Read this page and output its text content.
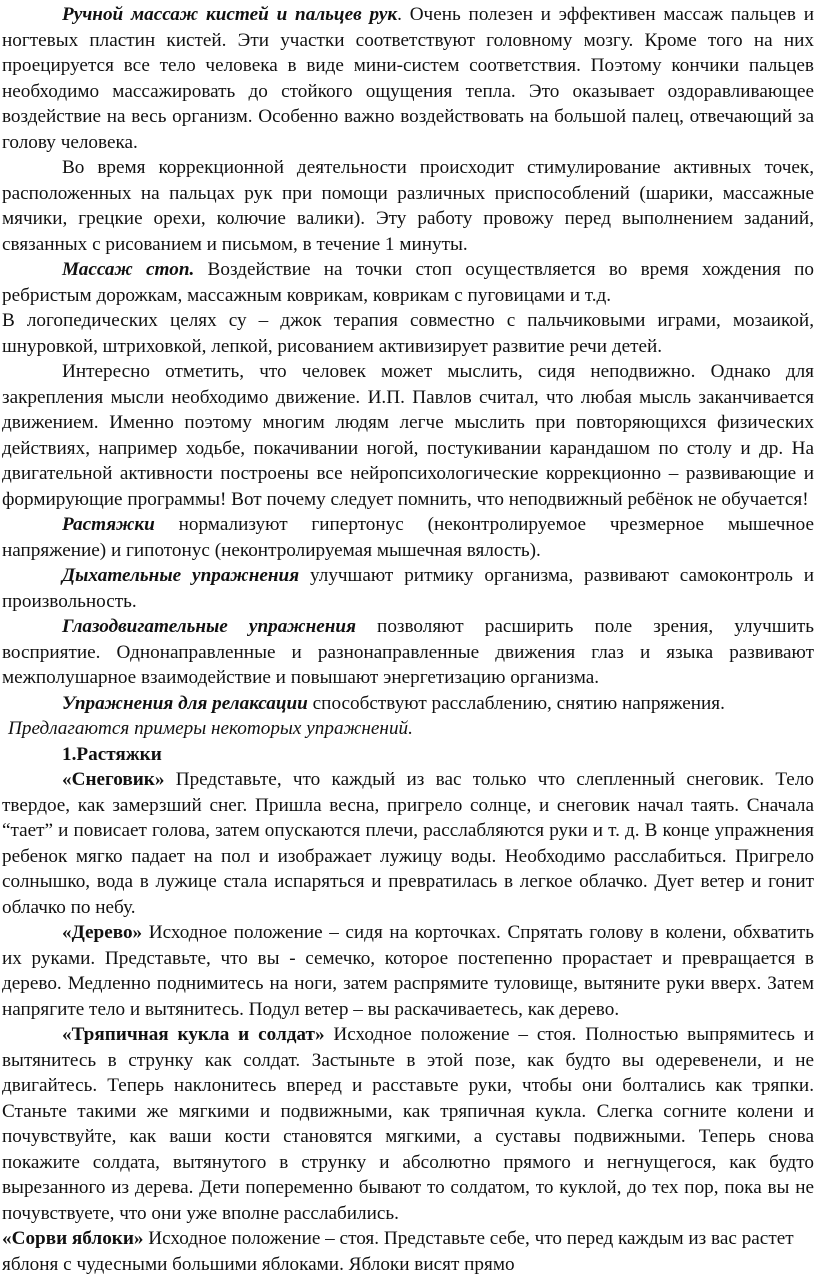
Ручной массаж кистей и пальцев рук. Очень полезен и эффективен массаж пальцев и ногтевых пластин кистей. Эти участки соответствуют головному мозгу. Кроме того на них проецируется все тело человека в виде мини-систем соответствия. Поэтому кончики пальцев необходимо массажировать до стойкого ощущения тепла. Это оказывает оздоравливающее воздействие на весь организм. Особенно важно воздействовать на большой палец, отвечающий за голову человека.

Во время коррекционной деятельности происходит стимулирование активных точек, расположенных на пальцах рук при помощи различных приспособлений (шарики, массажные мячики, грецкие орехи, колючие валики). Эту работу провожу перед выполнением заданий, связанных с рисованием и письмом, в течение 1 минуты.

Массаж стоп. Воздействие на точки стоп осуществляется во время хождения по ребристым дорожкам, массажным коврикам, коврикам с пуговицами и т.д.

В логопедических целях су – джок терапия совместно с пальчиковыми играми, мозаикой, шнуровкой, штриховкой, лепкой, рисованием активизирует развитие речи детей.

Интересно отметить, что человек может мыслить, сидя неподвижно. Однако для закрепления мысли необходимо движение. И.П. Павлов считал, что любая мысль заканчивается движением. Именно поэтому многим людям легче мыслить при повторяющихся физических действиях, например ходьбе, покачивании ногой, постукивании карандашом по столу и др. На двигательной активности построены все нейропсихологические коррекционно – развивающие и формирующие программы! Вот почему следует помнить, что неподвижный ребёнок не обучается!

Растяжки нормализуют гипертонус (неконтролируемое чрезмерное мышечное напряжение) и гипотонус (неконтролируемая мышечная вялость).

Дыхательные упражнения улучшают ритмику организма, развивают самоконтроль и произвольность.

Глазодвигательные упражнения позволяют расширить поле зрения, улучшить восприятие. Однонаправленные и разнонаправленные движения глаз и языка развивают межполушарное взаимодействие и повышают энергетизацию организма.

Упражнения для релаксации способствуют расслаблению, снятию напряжения.

Предлагаются примеры некоторых упражнений.

1.Растяжки

«Снеговик» Представьте, что каждый из вас только что слепленный снеговик. Тело твердое, как замерзший снег. Пришла весна, пригрело солнце, и снеговик начал таять. Сначала “тает” и повисает голова, затем опускаются плечи, расслабляются руки и т. д. В конце упражнения ребенок мягко падает на пол и изображает лужицу воды. Необходимо расслабиться. Пригрело солнышко, вода в лужице стала испаряться и превратилась в легкое облачко. Дует ветер и гонит облачко по небу.

«Дерево» Исходное положение – сидя на корточках. Спрятать голову в колени, обхватить их руками. Представьте, что вы - семечко, которое постепенно прорастает и превращается в дерево. Медленно поднимитесь на ноги, затем распрямите туловище, вытяните руки вверх. Затем напрягите тело и вытянитесь. Подул ветер – вы раскачиваетесь, как дерево.

«Тряпичная кукла и солдат» Исходное положение – стоя. Полностью выпрямитесь и вытянитесь в струнку как солдат. Застыньте в этой позе, как будто вы одеревенели, и не двигайтесь. Теперь наклонитесь вперед и расставьте руки, чтобы они болтались как тряпки. Станьте такими же мягкими и подвижными, как тряпичная кукла. Слегка согните колени и почувствуйте, как ваши кости становятся мягкими, а суставы подвижными. Теперь снова покажите солдата, вытянутого в струнку и абсолютно прямого и негнущегося, как будто вырезанного из дерева. Дети попеременно бывают то солдатом, то куклой, до тех пор, пока вы не почувствуете, что они уже вполне расслабились.

«Сорви яблоки» Исходное положение – стоя. Представьте себе, что перед каждым из вас растет яблоня с чудесными большими яблоками. Яблоки висят прямо
